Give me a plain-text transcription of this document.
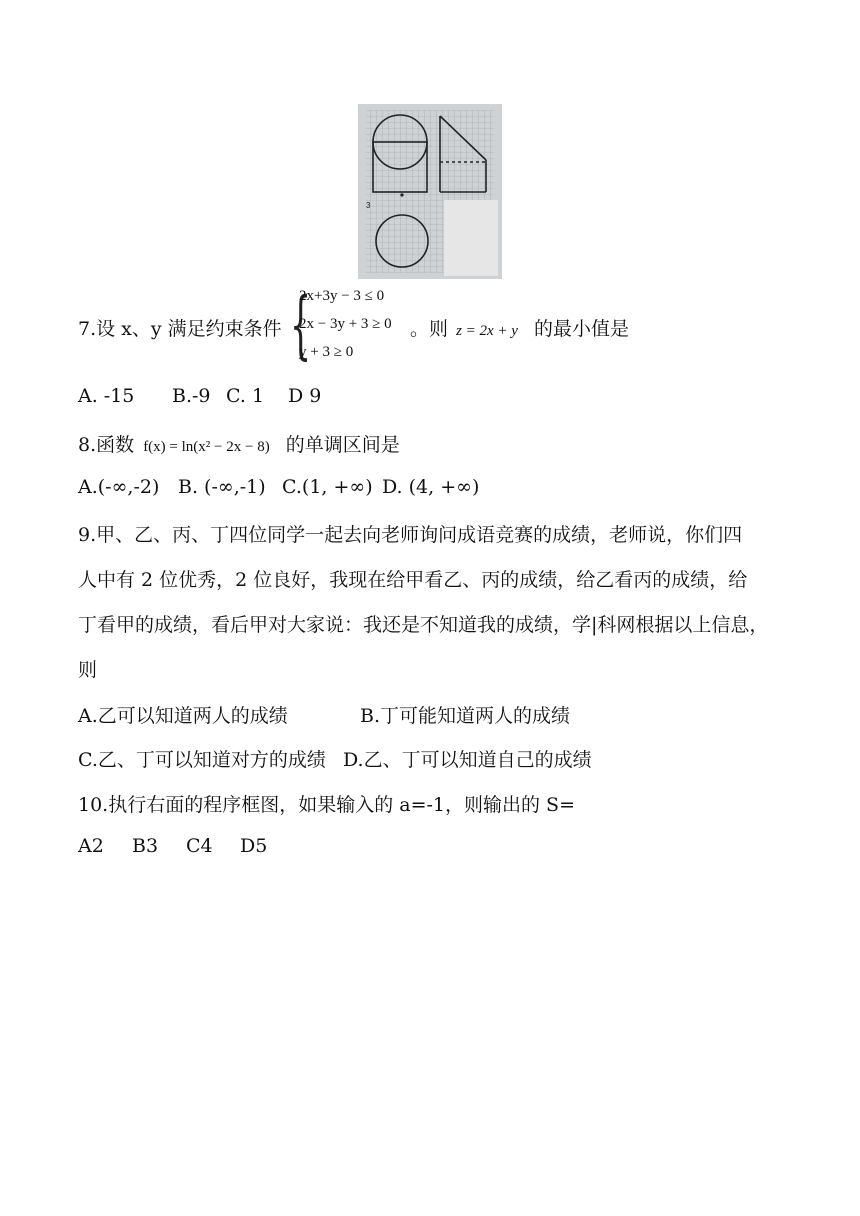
3
7.设 x、y 满足约束条件 {
2x+3y − 3 ≤ 0
2x − 3y + 3 ≥ 0
y + 3 ≥ 0
。则 z = 2x + y 的最小值是
A. -15 B.-9 C. 1 D 9
8.函数 f(x) = ln(x² − 2x − 8) 的单调区间是
A.(-∞,-2) B. (-∞,-1) C.(1, +∞) D. (4, +∞)
9.甲、乙、丙、丁四位同学一起去向老师询问成语竞赛的成绩，老师说，你们四
人中有 2 位优秀，2 位良好，我现在给甲看乙、丙的成绩，给乙看丙的成绩，给
丁看甲的成绩，看后甲对大家说：我还是不知道我的成绩，学|科网根据以上信息，
则
A.乙可以知道两人的成绩	B.丁可能知道两人的成绩
C.乙、丁可以知道对方的成绩 D.乙、丁可以知道自己的成绩
10.执行右面的程序框图，如果输入的 a=-1，则输出的 S=
A2 B3 C4 D5
